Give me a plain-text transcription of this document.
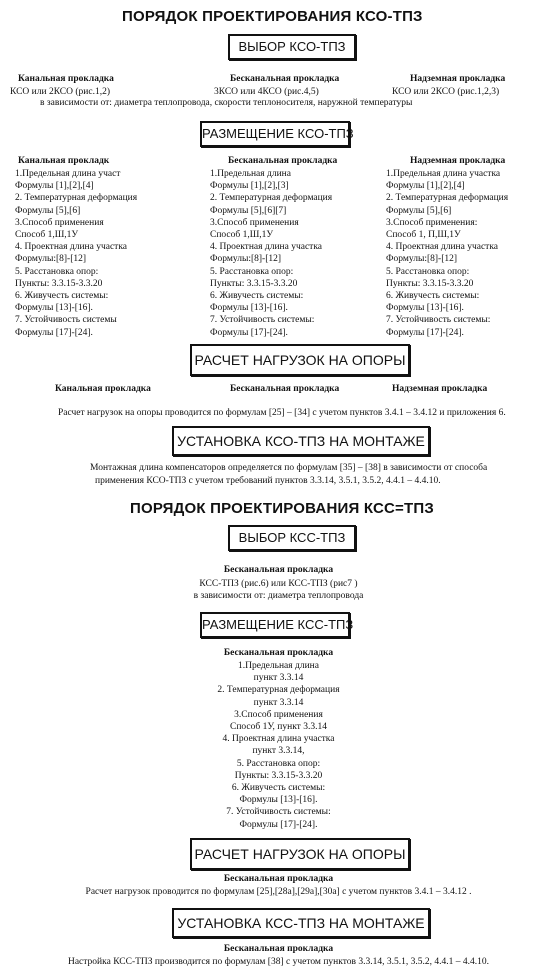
ПОРЯДОК ПРОЕКТИРОВАНИЯ КСО-ТПЗ
ВЫБОР КСО-ТПЗ
Канальная прокладка
КСО или 2КСО (рис.1,2)
Бесканальная прокладка
3КСО или 4КСО (рис.4,5)
Надземная прокладка
КСО или 2КСО (рис.1,2,3)
в зависимости от: диаметра теплопровода, скорости теплоносителя, наружной температуры
РАЗМЕЩЕНИЕ КСО-ТПЗ
Канальная прокладк
1.Предельная длина участ
Формулы [1],[2],[4]
2. Температурная деформация
Формулы [5],[6]
3.Способ применения
Способ 1,Ш,1У
4. Проектная длина участка
Формулы:[8]-[12]
5. Расстановка опор:
Пункты: 3.3.15-3.3.20
6. Живучесть системы:
Формулы [13]-[16].
7. Устойчивость системы
Формулы [17]-[24].
Бесканальная прокладка
1.Предельная длина
Формулы [1],[2],[3]
2. Температурная деформация
Формулы [5],[6][7]
3.Способ применения
Способ 1,Ш,1У
4. Проектная длина участка
Формулы:[8]-[12]
5. Расстановка опор:
Пункты: 3.3.15-3.3.20
6. Живучесть системы:
Формулы [13]-[16].
7. Устойчивость системы:
Формулы [17]-[24].
Надземная прокладка
1.Предельная длина участка
Формулы [1],[2],[4]
2. Температурная деформация
Формулы [5],[6]
3.Способ применения:
Способ 1, П,Ш,1У
4. Проектная длина участка
Формулы:[8]-[12]
5. Расстановка опор:
Пункты: 3.3.15-3.3.20
6. Живучесть системы:
Формулы [13]-[16].
7. Устойчивость системы:
Формулы [17]-[24].
РАСЧЕТ НАГРУЗОК НА ОПОРЫ
Канальная прокладка	Бесканальная прокладка	Надземная прокладка
Расчет нагрузок на опоры проводится по формулам [25] – [34] с учетом пунктов 3.4.1 – 3.4.12 и приложения 6.
УСТАНОВКА КСО-ТПЗ НА МОНТАЖЕ
Монтажная длина компенсаторов определяется по формулам [35] – [38] в зависимости от способа
применения КСО-ТПЗ с учетом требований пунктов 3.3.14, 3.5.1, 3.5.2, 4.4.1 – 4.4.10.
ПОРЯДОК ПРОЕКТИРОВАНИЯ КСС=ТПЗ
ВЫБОР КСС-ТПЗ
Бесканальная прокладка
КСС-ТПЗ (рис.6) или КСС-ТПЗ (рис7 )
в зависимости от: диаметра теплопровода
РАЗМЕЩЕНИЕ КСС-ТПЗ
Бесканальная прокладка
1.Предельная длина
пункт 3.3.14
2. Температурная деформация
пункт 3.3.14
3.Способ применения
Способ 1У, пункт 3.3.14
4. Проектная длина участка
пункт 3.3.14,
5. Расстановка опор:
Пункты: 3.3.15-3.3.20
6. Живучесть системы:
Формулы [13]-[16].
7. Устойчивость системы:
Формулы [17]-[24].
РАСЧЕТ НАГРУЗОК НА ОПОРЫ
Бесканальная прокладка
Расчет нагрузок проводится по формулам [25],[28а],[29а],[30а] с учетом пунктов 3.4.1 – 3.4.12 .
УСТАНОВКА КСС-ТПЗ НА МОНТАЖЕ
Бесканальная прокладка
Настройка КСС-ТПЗ производится по формулам [38] с учетом пунктов 3.3.14, 3.5.1, 3.5.2, 4.4.1 – 4.4.10.
